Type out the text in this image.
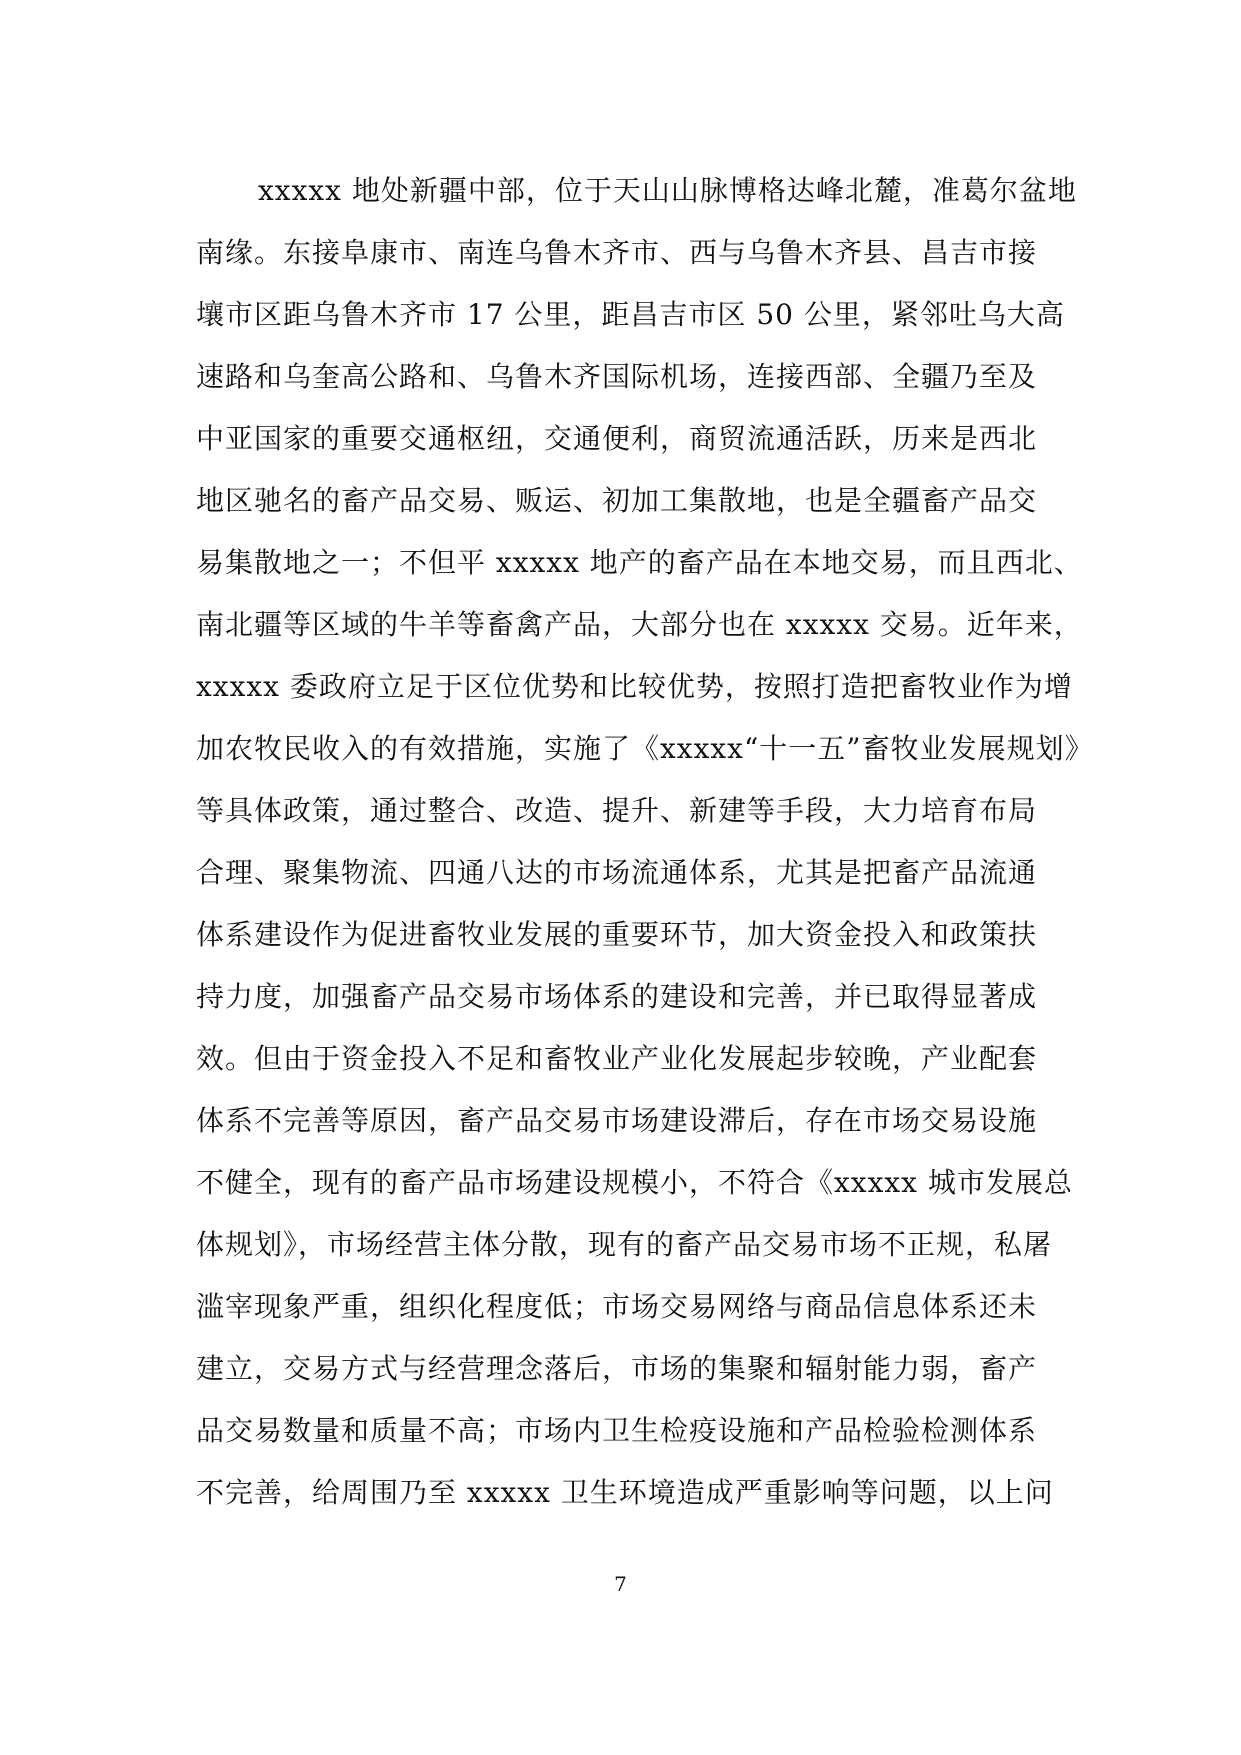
xxxxx 地处新疆中部，位于天山山脉博格达峰北麓，准葛尔盆地
南缘。东接阜康市、南连乌鲁木齐市、西与乌鲁木齐县、昌吉市接
壤市区距乌鲁木齐市 17 公里，距昌吉市区 50 公里，紧邻吐乌大高
速路和乌奎高公路和、乌鲁木齐国际机场，连接西部、全疆乃至及
中亚国家的重要交通枢纽，交通便利，商贸流通活跃，历来是西北
地区驰名的畜产品交易、贩运、初加工集散地，也是全疆畜产品交
易集散地之一；不但平 xxxxx 地产的畜产品在本地交易，而且西北、
南北疆等区域的牛羊等畜禽产品，大部分也在 xxxxx 交易。近年来，
xxxxx 委政府立足于区位优势和比较优势，按照打造把畜牧业作为增
加农牧民收入的有效措施，实施了《xxxxx“十一五”畜牧业发展规划》
等具体政策，通过整合、改造、提升、新建等手段，大力培育布局
合理、聚集物流、四通八达的市场流通体系，尤其是把畜产品流通
体系建设作为促进畜牧业发展的重要环节，加大资金投入和政策扶
持力度，加强畜产品交易市场体系的建设和完善，并已取得显著成
效。但由于资金投入不足和畜牧业产业化发展起步较晚，产业配套
体系不完善等原因，畜产品交易市场建设滞后，存在市场交易设施
不健全，现有的畜产品市场建设规模小，不符合《xxxxx 城市发展总
体规划》，市场经营主体分散，现有的畜产品交易市场不正规，私屠
滥宰现象严重，组织化程度低；市场交易网络与商品信息体系还未
建立，交易方式与经营理念落后，市场的集聚和辐射能力弱，畜产
品交易数量和质量不高；市场内卫生检疫设施和产品检验检测体系
不完善，给周围乃至 xxxxx 卫生环境造成严重影响等问题，以上问
7
